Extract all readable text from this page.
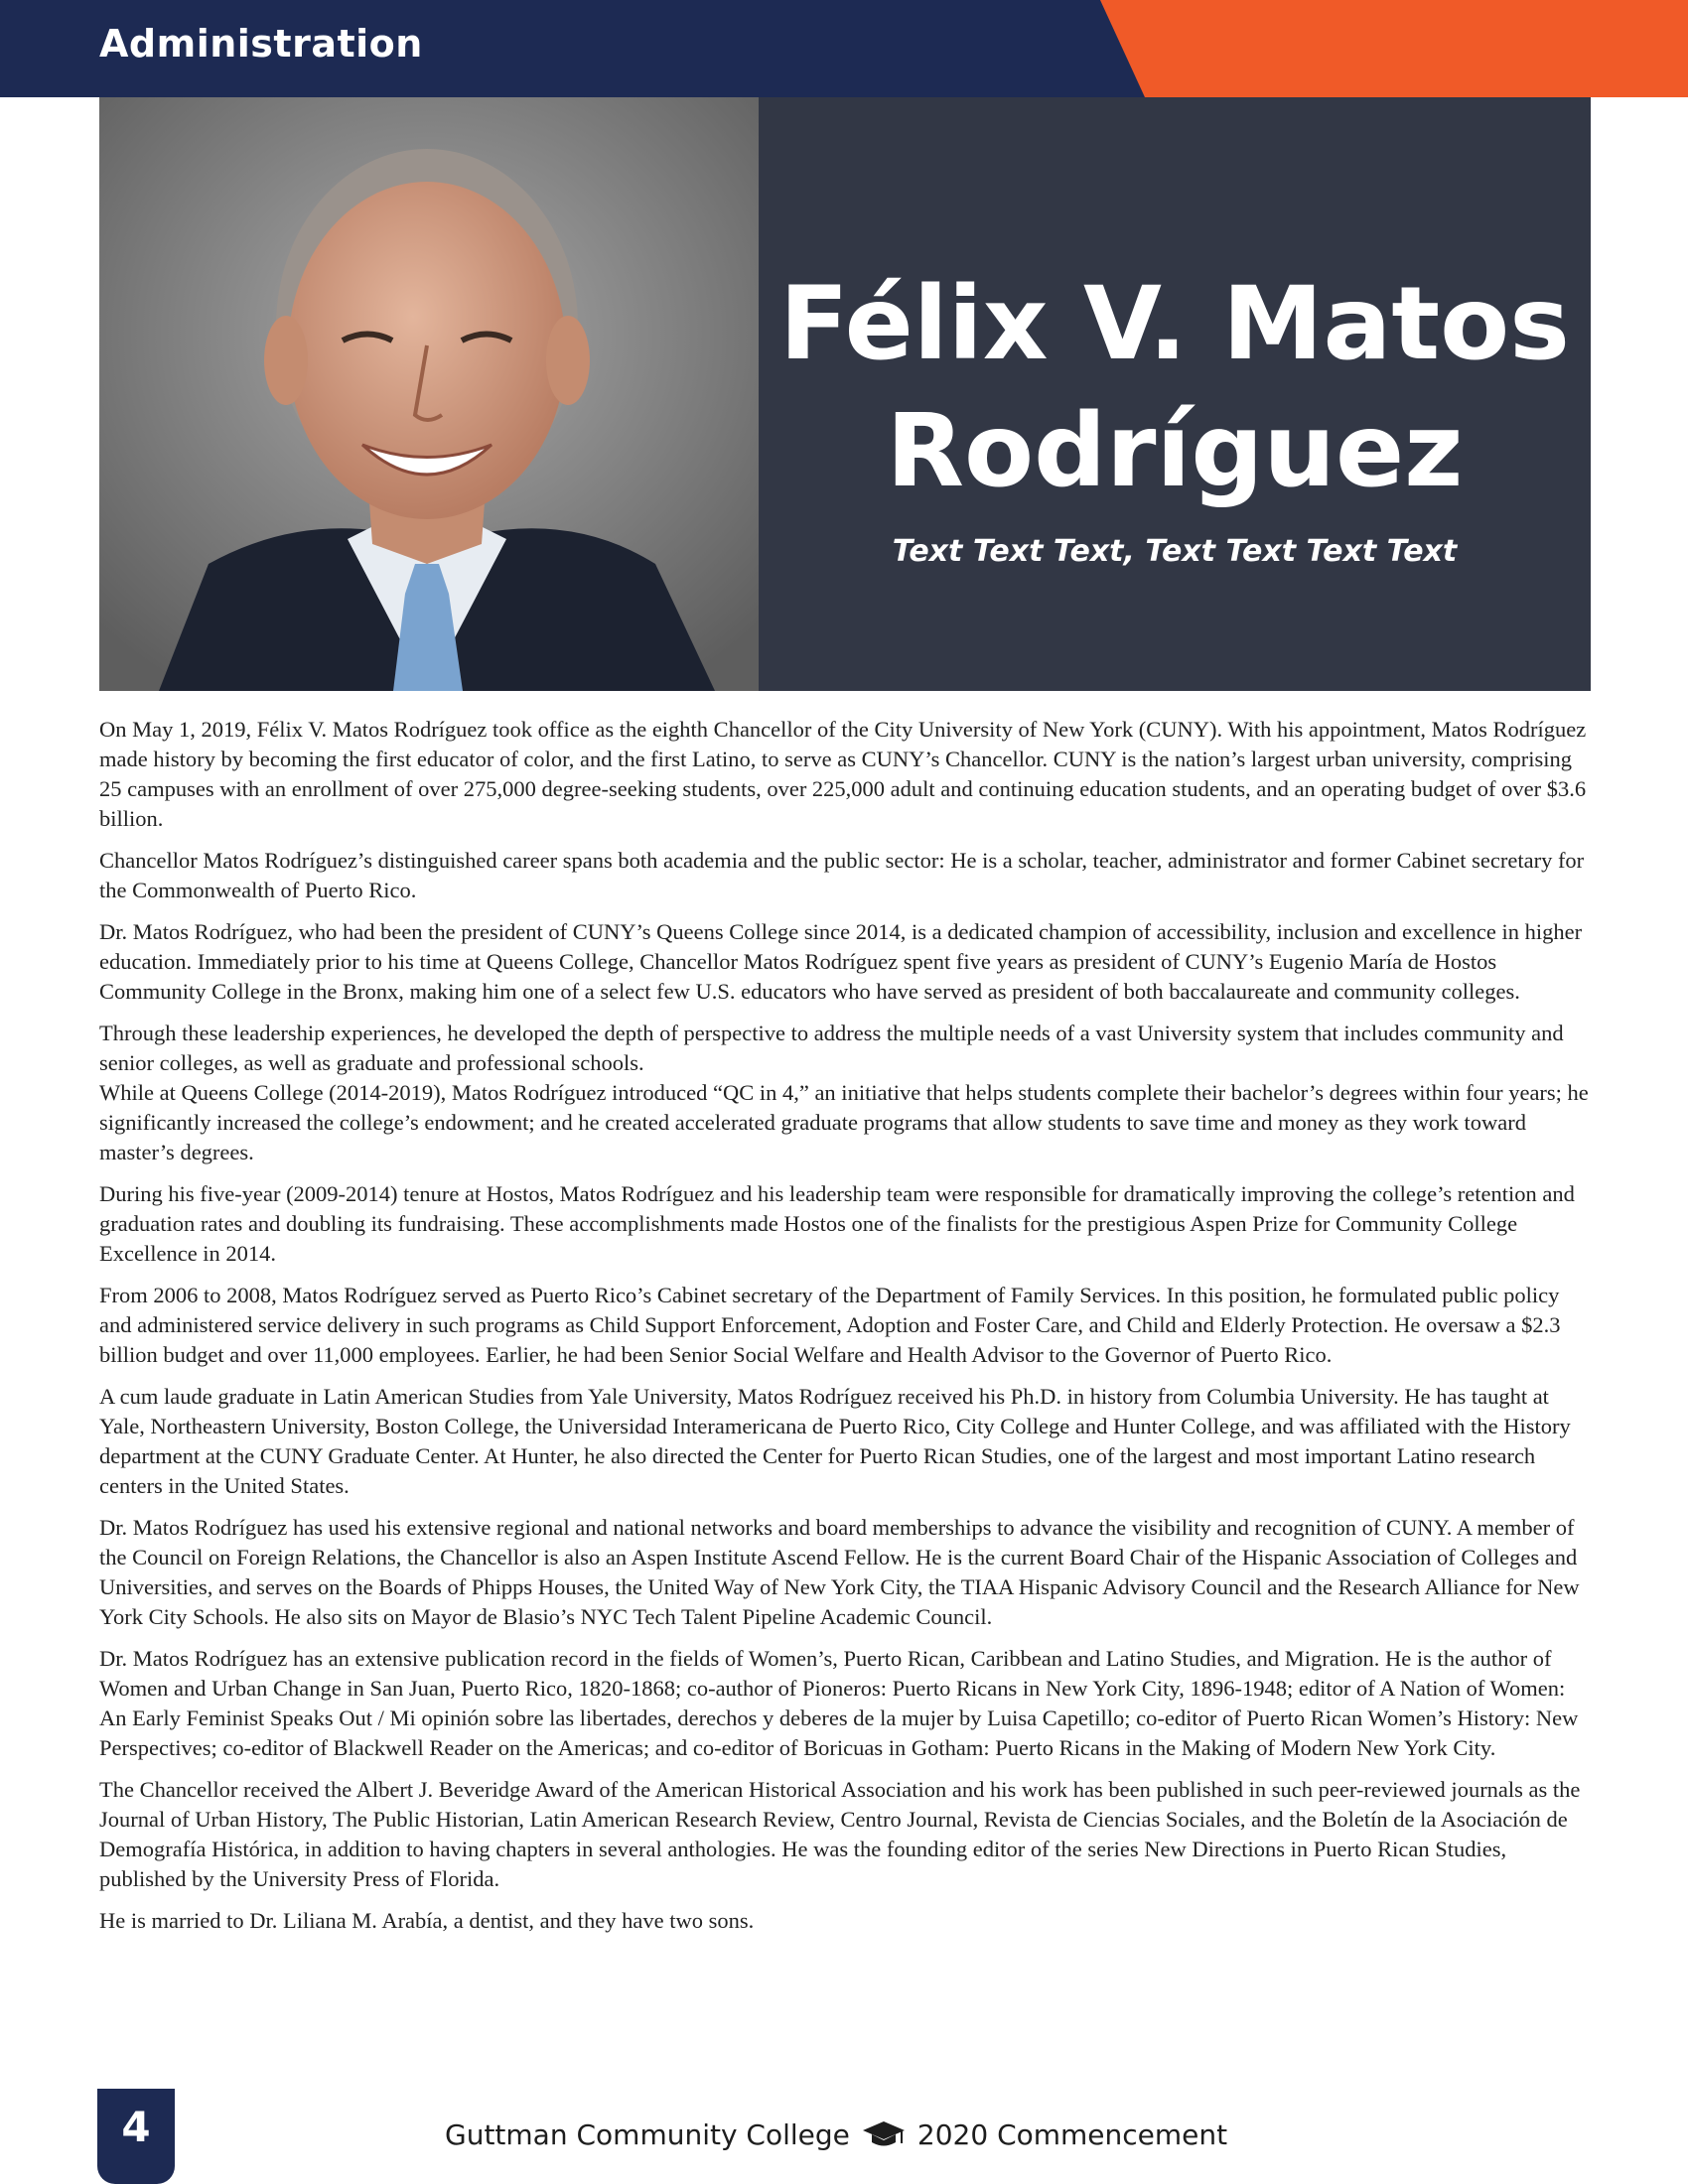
Administration
Félix V. Matos
Rodríguez
Text Text Text, Text Text Text Text

On May 1, 2019, Félix V. Matos Rodríguez took office as the eighth Chancellor of the City University of New York (CUNY). With his appointment, Matos Rodríguez made history by becoming the first educator of color, and the first Latino, to serve as CUNY’s Chancellor. CUNY is the nation’s largest urban university, comprising 25 campuses with an enrollment of over 275,000 degree-seeking students, over 225,000 adult and continuing education students, and an operating budget of over $3.6 billion.

Chancellor Matos Rodríguez’s distinguished career spans both academia and the public sector: He is a scholar, teacher, administrator and former Cabinet secretary for the Commonwealth of Puerto Rico.

Dr. Matos Rodríguez, who had been the president of CUNY’s Queens College since 2014, is a dedicated champion of accessibility, inclusion and excellence in higher education. Immediately prior to his time at Queens College, Chancellor Matos Rodríguez spent five years as president of CUNY’s Eugenio María de Hostos Community College in the Bronx, making him one of a select few U.S. educators who have served as president of both baccalaureate and community colleges.

Through these leadership experiences, he developed the depth of perspective to address the multiple needs of a vast University system that includes community and senior colleges, as well as graduate and professional schools.

While at Queens College (2014-2019), Matos Rodríguez introduced “QC in 4,” an initiative that helps students complete their bachelor’s degrees within four years; he significantly increased the college’s endowment; and he created accelerated graduate programs that allow students to save time and money as they work toward master’s degrees.

During his five-year (2009-2014) tenure at Hostos, Matos Rodríguez and his leadership team were responsible for dramatically improving the college’s retention and graduation rates and doubling its fundraising. These accomplishments made Hostos one of the finalists for the prestigious Aspen Prize for Community College Excellence in 2014.

From 2006 to 2008, Matos Rodríguez served as Puerto Rico’s Cabinet secretary of the Department of Family Services. In this position, he formulated public policy and administered service delivery in such programs as Child Support Enforcement, Adoption and Foster Care, and Child and Elderly Protection. He oversaw a $2.3 billion budget and over 11,000 employees. Earlier, he had been Senior Social Welfare and Health Advisor to the Governor of Puerto Rico.

A cum laude graduate in Latin American Studies from Yale University, Matos Rodríguez received his Ph.D. in history from Columbia University. He has taught at Yale, Northeastern University, Boston College, the Universidad Interamericana de Puerto Rico, City College and Hunter College, and was affiliated with the History department at the CUNY Graduate Center. At Hunter, he also directed the Center for Puerto Rican Studies, one of the largest and most important Latino research centers in the United States.

Dr. Matos Rodríguez has used his extensive regional and national networks and board memberships to advance the visibility and recognition of CUNY. A member of the Council on Foreign Relations, the Chancellor is also an Aspen Institute Ascend Fellow. He is the current Board Chair of the Hispanic Association of Colleges and Universities, and serves on the Boards of Phipps Houses, the United Way of New York City, the TIAA Hispanic Advisory Council and the Research Alliance for New York City Schools. He also sits on Mayor de Blasio’s NYC Tech Talent Pipeline Academic Council.

Dr. Matos Rodríguez has an extensive publication record in the fields of Women’s, Puerto Rican, Caribbean and Latino Studies, and Migration. He is the author of Women and Urban Change in San Juan, Puerto Rico, 1820-1868; co-author of Pioneros: Puerto Ricans in New York City, 1896-1948; editor of A Nation of Women: An Early Feminist Speaks Out / Mi opinión sobre las libertades, derechos y deberes de la mujer by Luisa Capetillo; co-editor of Puerto Rican Women’s History: New Perspectives; co-editor of Blackwell Reader on the Americas; and co-editor of Boricuas in Gotham: Puerto Ricans in the Making of Modern New York City.

The Chancellor received the Albert J. Beveridge Award of the American Historical Association and his work has been published in such peer-reviewed journals as the Journal of Urban History, The Public Historian, Latin American Research Review, Centro Journal, Revista de Ciencias Sociales, and the Boletín de la Asociación de Demografía Histórica, in addition to having chapters in several anthologies. He was the founding editor of the series New Directions in Puerto Rican Studies, published by the University Press of Florida.

He is married to Dr. Liliana M. Arabía, a dentist, and they have two sons.

4	Guttman Community College 2020 Commencement
